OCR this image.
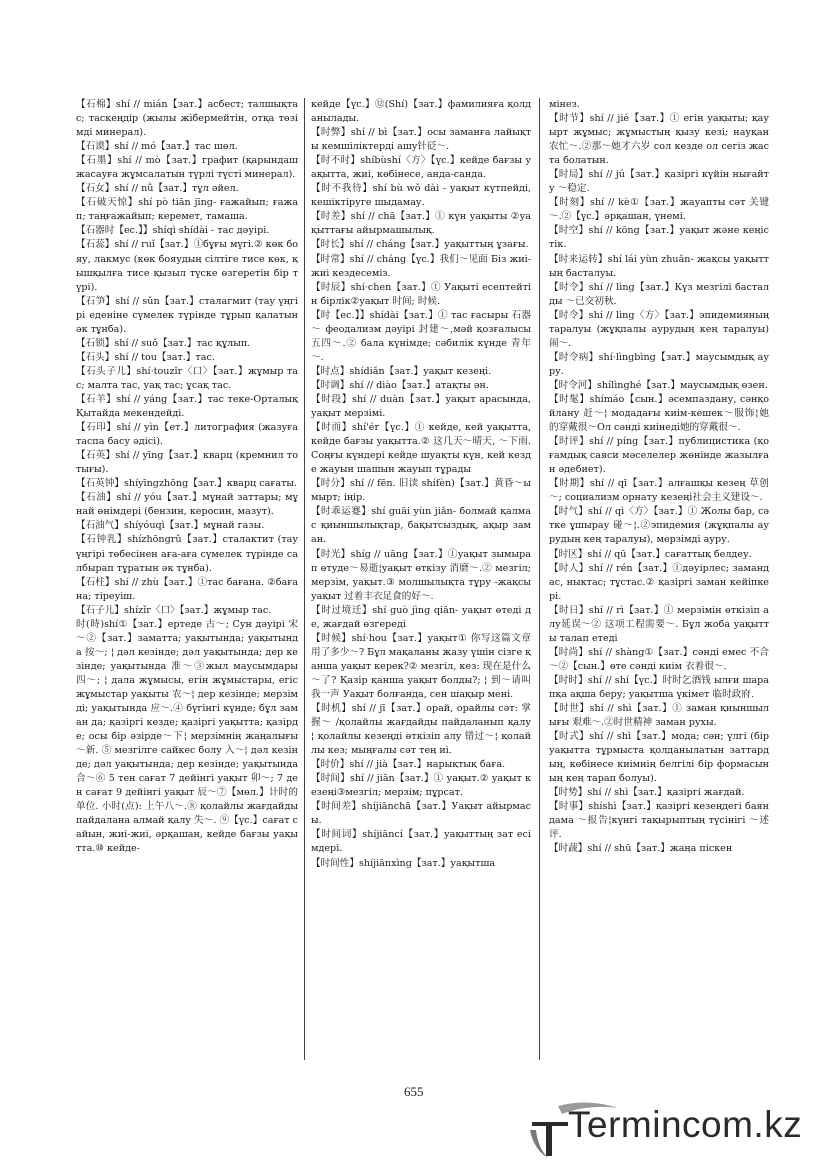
【石棉】shí // mián【зат.】асбест; талшықтас; таскеңдір (жылы жібермейтін, отқа төзімді минерал).

【石谟】shí // mó【зат.】тас шөл.

【石墨】shí // mò【зат.】графит (қарындаш жасауға жұмсалатын түрлі түсті минерал).

【石女】shí // nǚ【зат.】тұл әйел.

【石破天惊】shí pò tiān jīng- ғажайып; ғажап; таңғажайып; керемет, тамаша.

【石器时【ес.】】shíqì shídài - тас дәуірі.

【石蕊】shí // ruǐ【зат.】①бұғы мүгі.② көк бояу, лакмус (көк бояудың сілтіге тисе көк, қышқылға тисе қызыл түске өзгеретін бір түрі).

【石笋】shí // sǔn【зат.】сталагмит (тау үңгірі еденіне сүмелек түрінде тұрып қалатын әк тұнба).

【石锁】shí // suǒ【зат.】тас құлып.

【石头】shí // tou【зат.】тас.

【石头子儿】shí·touzǐr〈口〉【зат.】жұмыр тас; малта тас, уақ тас; ұсақ тас.

【石羊】shí // yáng【зат.】тас теке-Орталық Қытайда мекендейді.

【石印】shí // yìn【ет.】литография (жазуға таспа басу әдісі).

【石英】shí // yīng【зат.】кварц (кремнил тотығы).

【石英钟】shíyīngzhōng【зат.】кварц сағаты.

【石油】shí // yóu【зат.】мұнай заттары; мұнай өнімдері (бензин, керосин, мазут).

【石油气】shíyóuqì【зат.】мұнай газы.

【石钟乳】shízhōngrǔ【зат.】сталактит (тау үңгірі төбесінен аға-аға сүмелек түрінде салбырап тұратын әк тұнба).

【石柱】shí // zhù【зат.】①тас бағана. ②бағана; тіреуіш.

【石子儿】shízǐr〈口〉【зат.】жұмыр тас.

时(時)shí①【зат.】ертеде 古～; Сун дәуірі 宋～②【зат.】заматта; уақытында; уақытында 按～; ¦ дәл кезінде; дәл уақытында; дер кезінде; уақытында 准～③жыл маусымдары 四～; ¦ дала жұмысы, егін жұмыстары, егіс жұмыстар уақыты 农～¦ дер кезінде; мерзімді; уақытында 应～.④ бүгінгі күнде; бұл заман да; қазіргі кезде; қазіргі уақытта; қазірде; осы бір әзірде～下¦ мерзімнің жаңалығы ～新. ⑤ мезгілге сайкес болу 入～¦ дәл кезінде; дәл уақытында; дер кезінде; уақытында 合～⑥ 5 тен сағат 7 дейінгі уақыт 卯～; 7 ден сағат 9 дейінгі уақыт 辰～⑦【мөл.】计时的单位. 小时(点): 上午八～.⑧ қолайлы жағдайды пайдалана алмай қалу 失～. ⑨【үс.】сағат сайын, жиі-жиі, әрқашан, кейде бағзы уақытта.⑩ кейде-

кейде【үс.】⑫(Shí)【зат.】фамилияға қолданылады.

【时弊】shí // bì【зат.】осы заманға лайықты кемшіліктерді ашу针砭～.

【时不时】shíbùshí〈方〉【үс.】кейде бағзы уақытта, жиі, көбінесе, анда-санда.

【时不我待】shí bù wǒ dài - уақыт күтпейді, кешіктіруге шыдамау.

【时差】shí // chā【зат.】① күн уақыты ②уақыттағы айырмашылық.

【时长】shí // cháng【зат.】уақыттың ұзағы.

【时常】shí // cháng【үс.】我们～见面 Біз жиі-жиі кездесеміз.

【时辰】shí·chen【зат.】① Уақыті есептейтін бірлік②уақыт 时间; 时候.

【时【ес.】】shídài【зат.】① тас ғасыры 石器～ феодализм дәуірі 封建～,мәй қозғалысы 五四～.② бала күнімде; сәбилік күнде 青年～.

【时点】shídiǎn【зат.】уақыт кезеңі.

【时调】shí // diào【зат.】атақты ән.

【时段】shí // duàn【зат.】уақыт арасында, уақыт мерзімі.

【时而】shí'ér【үс.】① кейде, кей уақытта, кейде бағзы уақытта.② 这几天～晴天, ～下雨. Соңғы күндері кейде шуақты күн, кей кезде жауын шашын жауып тұрады

【时分】shí // fēn. 旧读 shífèn)【зат.】黄昏～ымырт; іңір.

【时乖运蹇】shí guāi yùn jiǎn- болмай қалмас қиыншылықтар, бақытсыздық, ақыр заман.

【时光】shíg // uāng【зат.】①уақыт зымырап өтуде～易逝¦уақыт өткізу 消磨～.② мезгіл; мерзім, уақыт.③ молшылықта тұру -жақсы уақыт 过着丰衣足食的好～.

【时过境迁】shí guò jìng qiān- уақыт өтеді де, жағдай өзгереді

【时候】shí·hou【зат.】уақыт① 你写这篇文章用了多少～? Бұл мақаланы жазу үшін сізге қанша уақыт керек?② мезгіл, кез: 现在是什么～了? Қазір қанша уақыт болды?; ¦ 到～请叫我一声 Уақыт болғанда, сен шақыр мені.

【时机】shí // jī【зат.】орай, орайлы сәт: 掌握～ /қолайлы жағдайды пайдаланып қалу ¦ қолайлы кезеңді өткізіп алу 错过～¦ қолайлы кез; мыңғалы сәт тең иі.

【时价】shí // jià【зат.】нарықтық баға.

【时间】shí // jiān【зат.】① уақыт.② уақыт кезеңі③мезгіл; мерзім; пұрсат.

【时间差】shíjiānchā【зат.】Уақыт айырмасы.

【时间词】shíjiāncí【зат.】уақыттың зат есімдері.

【时间性】shíjiānxìng【зат.】уақытша

мінез.

【时节】shí // jié【зат.】① егін уақыты; қауырт жұмыс; жұмыстың қызу кезі; науқан 农忙～.②那～她才六岁 сол кезде ол сегіз жаста болатын.

【时局】shí // jú【зат.】қазіргі күйін нығайту ～稳定.

【时刻】shí // kè①【зат.】жауапты сәт 关键～.②【үс.】әрқашан, үнемі.

【时空】shí // kōng【зат.】уақыт және кеңістік.

【时来运转】shí lái yùn zhuǎn- жақсы уақыттың басталуы.

【时令】shí // lìng【зат.】Күз мезгілі басталды ～已交初秋.

【时令】shí // lìng〈方〉【зат.】эпидемияның таралуы (жұқпалы аурудың кең таралуы)闹～.

【时令病】shí·lìngbìng【зат.】маусымдық ауру.

【时令河】shílìnghé【зат.】маусымдық өзен.

【时髦】shímáo【сын.】әсемпаздану, сәнқойлану 赶～¦ модадағы киім-кешек～服饰¦她的穿戴很～Ол сәнді киінеді她的穿戴很～.

【时评】shí // píng【зат.】публицистика (қоғамдық саяси мәселелер жөнінде жазылған әдебиет).

【时期】shí // qī【зат.】алғашқы кезең 草创～; социализм орнату кезеңі社会主义建设～.

【时气】shí // qì〈方〉【зат.】① Жолы бар, сәтке ұшырау 碰～¦.②эпидемия (жұқпалы аурудың кең таралуы), мерзімді ауру.

【时区】shí // qū【зат.】сағаттық белдеу.

【时人】shí // rén【зат.】①дәуірлес; замандас, ныктас; тұстас.② қазіргі заман кейіпкері.

【时日】shí // rì【зат.】① мерзімін өткізіп алу延误～② 这项工程需要～. Бұл жоба уақытты талап етеді

【时尚】shí // shàng①【зат.】сәнді емес 不合～②【сын.】өте сәнді киім 衣着很～.

【时时】shí // shí【үс.】时时乞酒钱 ылғи шарапқа ақша беру; уақытша үкімет 临时政府.

【时世】shí // shì【зат.】① заман қиыншылығы 艰难～.②时世精神 заман рухы.

【时式】shí // shì【зат.】мода; сән; үлгі (бір уақытта тұрмыста қолданылатын заттардың, көбінесе киімнің белгілі бір формасының кең тарап болуы).

【时势】shí // shì【зат.】қазіргі жағдай.

【时事】shíshì【зат.】қазіргі кезеңдегі баяндама ～报告¦күнгі тақырыптың түсінігі ～述评.

【时蔬】shí // shū【зат.】жаңа піскен

655
Termincom.kz
